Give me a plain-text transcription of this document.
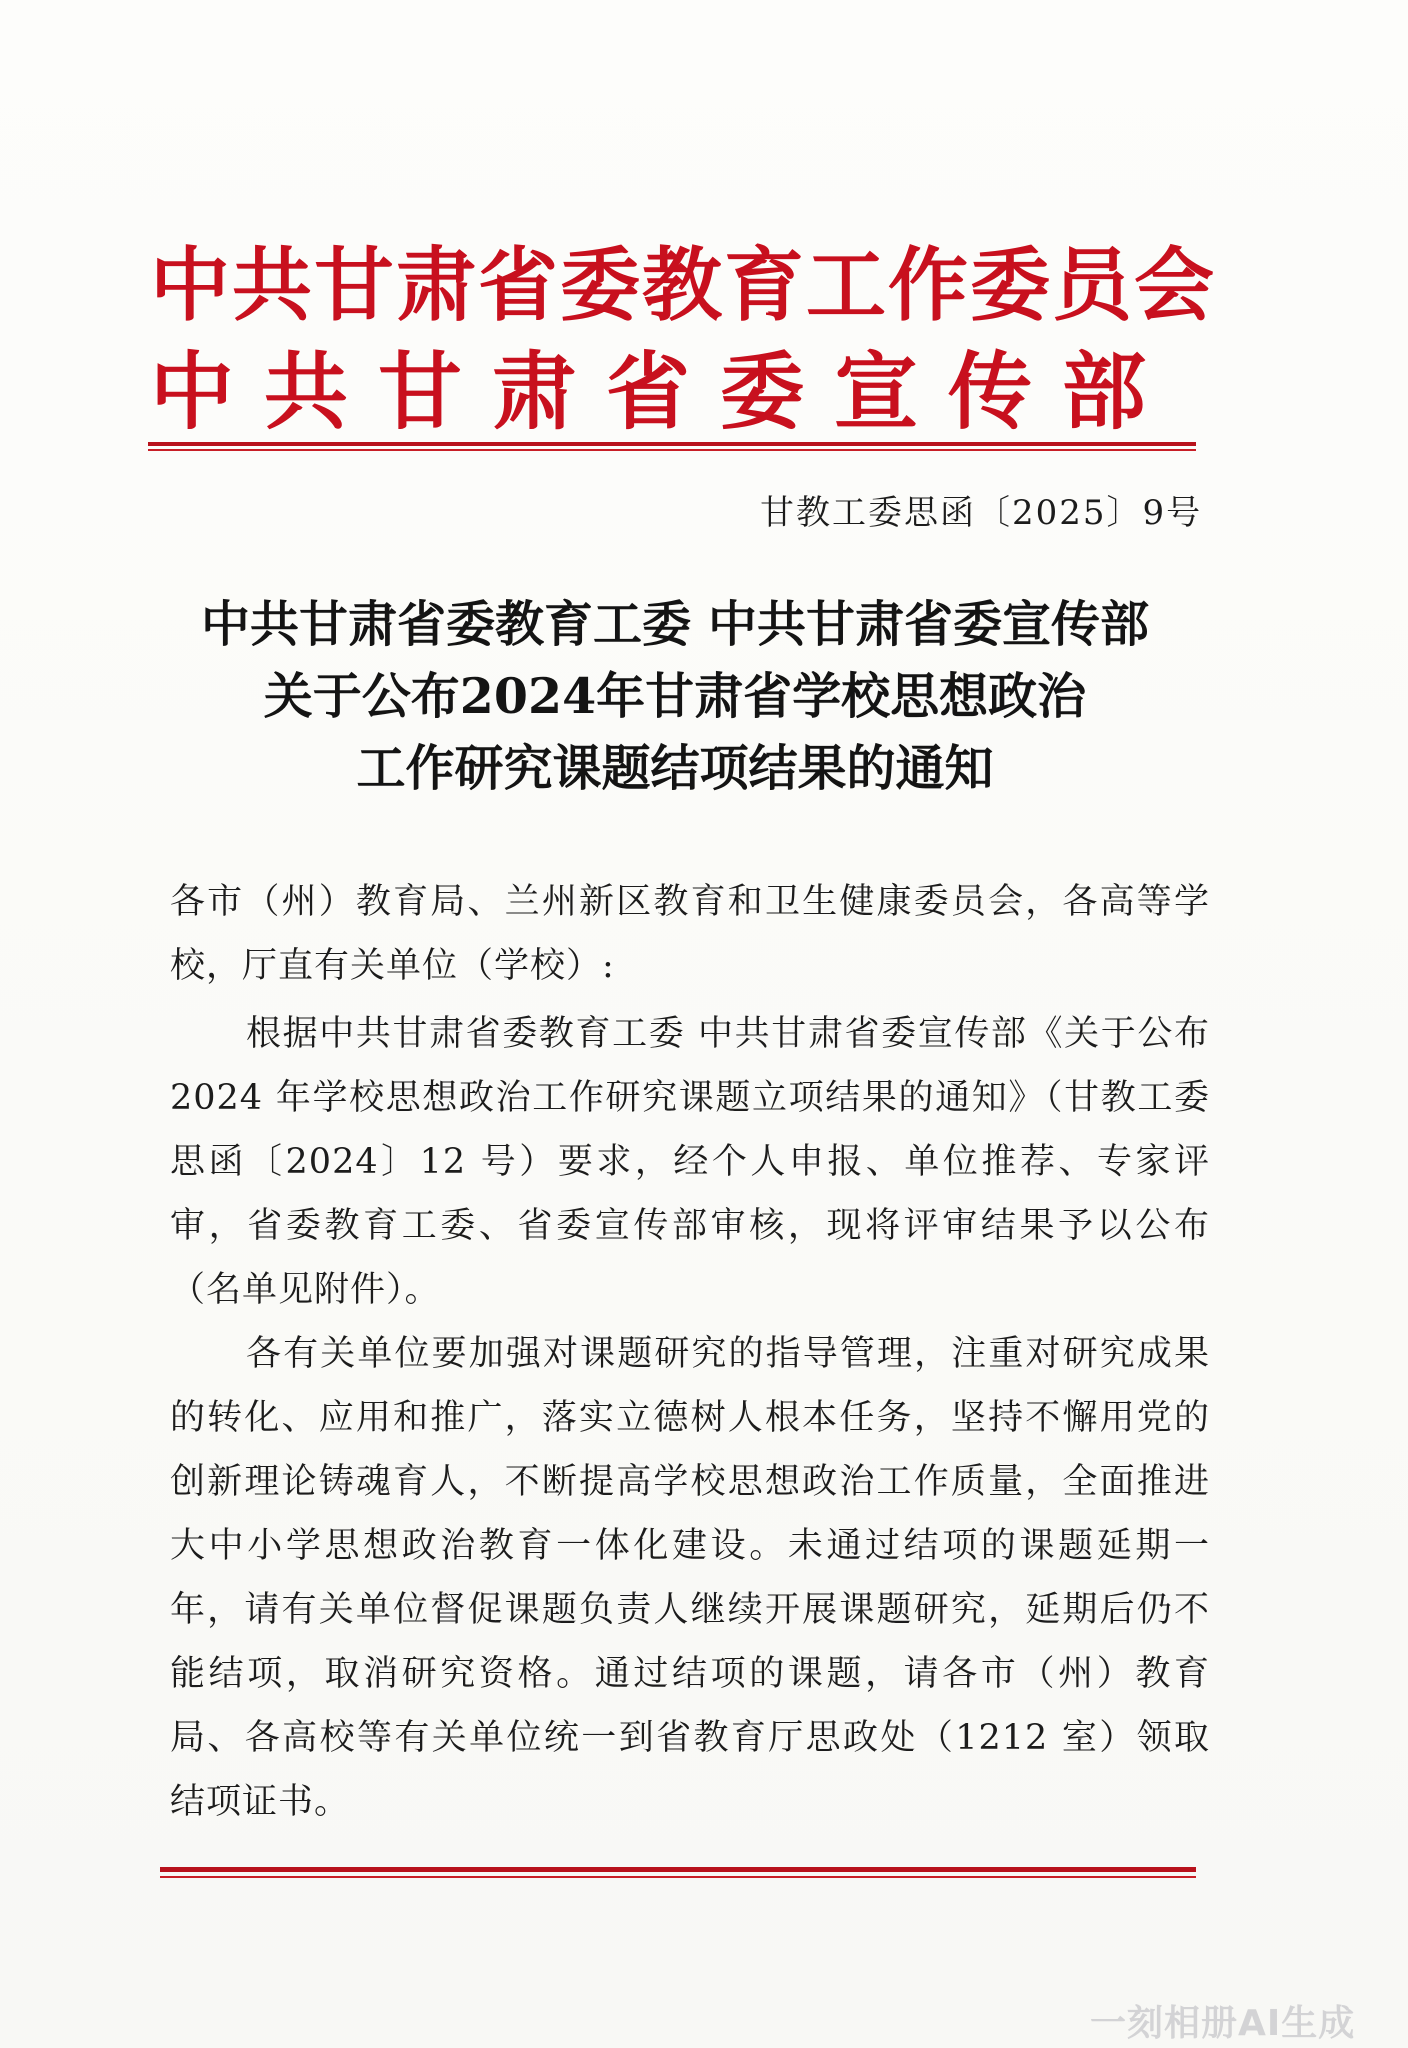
中共甘肃省委教育工作委员会
中共甘肃省委宣传部
甘教工委思函〔2025〕9号
中共甘肃省委教育工委 中共甘肃省委宣传部
关于公布2024年甘肃省学校思想政治
工作研究课题结项结果的通知
各市（州）教育局、兰州新区教育和卫生健康委员会，各高等学校，厅直有关单位（学校）:
根据中共甘肃省委教育工委 中共甘肃省委宣传部《关于公布 2024 年学校思想政治工作研究课题立项结果的通知》（甘教工委思函〔2024〕12 号）要求，经个人申报、单位推荐、专家评审，省委教育工委、省委宣传部审核，现将评审结果予以公布（名单见附件）。
各有关单位要加强对课题研究的指导管理，注重对研究成果的转化、应用和推广，落实立德树人根本任务，坚持不懈用党的创新理论铸魂育人，不断提高学校思想政治工作质量，全面推进大中小学思想政治教育一体化建设。未通过结项的课题延期一年，请有关单位督促课题负责人继续开展课题研究，延期后仍不能结项，取消研究资格。通过结项的课题，请各市（州）教育局、各高校等有关单位统一到省教育厅思政处（1212 室）领取结项证书。
一刻相册AI生成
